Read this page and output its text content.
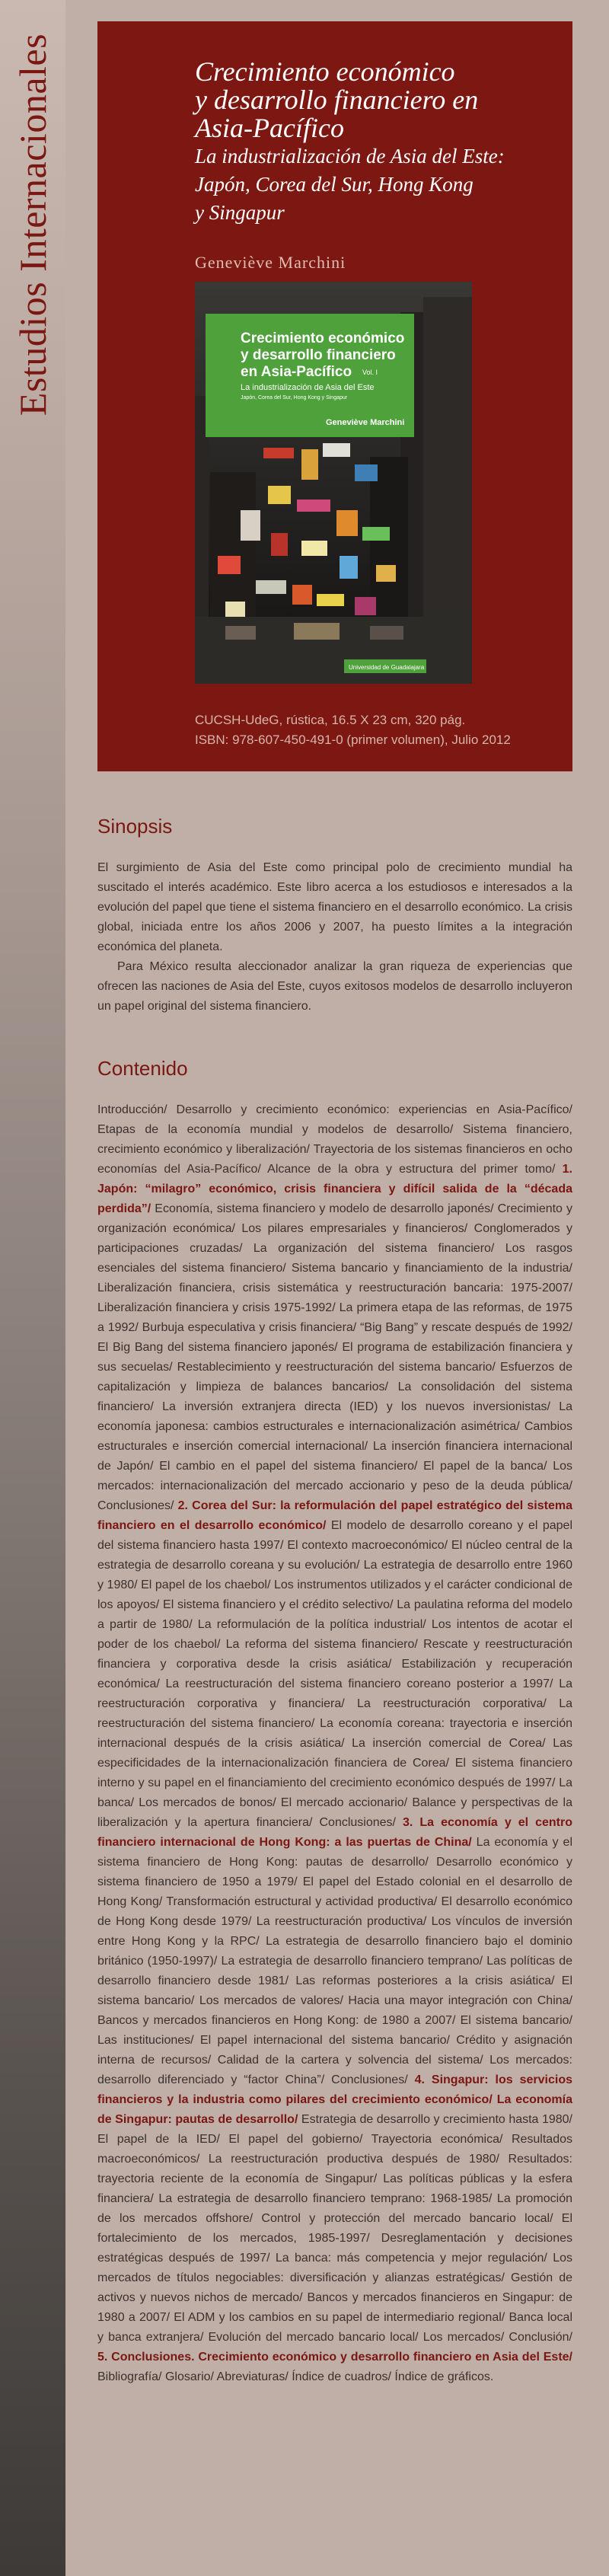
Estudios Internacionales	Crecimiento económico

y desarrollo financiero en

Asia-Pacífico

La industrialización de Asia del Este:

Japón, Corea del Sur, Hong Kong

y Singapur

Geneviève Marchini

Crecimiento económico
y desarrollo financiero
en Asia-Pacífico Vol. I
La industrialización de Asia del Este
Japón, Corea del Sur, Hong Kong y Singapur
Geneviève Marchini
Universidad de Guadalajara

CUCSH-UdeG, rústica, 16.5 X 23 cm, 320 pág.

ISBN: 978-607-450-491-0 (primer volumen), Julio 2012

Sinopsis

El surgimiento de Asia del Este como principal polo de crecimiento mundial ha suscitado el interés académico. Este libro acerca a los estudiosos e interesados a la evolución del papel que tiene el sistema financiero en el desarrollo económico. La crisis global, iniciada entre los años 2006 y 2007, ha puesto límites a la integración económica del planeta.

Para México resulta aleccionador analizar la gran riqueza de experiencias que ofrecen las naciones de Asia del Este, cuyos exitosos modelos de desarrollo incluyeron un papel original del sistema financiero.

Contenido

Introducción/ Desarrollo y crecimiento económico: experiencias en Asia-Pacífico/ Etapas de la economía mundial y modelos de desarrollo/ Sistema financiero, crecimiento económico y liberalización/ Trayectoria de los sistemas financieros en ocho economías del Asia-Pacífico/ Alcance de la obra y estructura del primer tomo/ 1. Japón: “milagro” económico, crisis financiera y difícil salida de la “década perdida”/ Economía, sistema financiero y modelo de desarrollo japonés/ Crecimiento y organización económica/ Los pilares empresariales y financieros/ Conglomerados y participaciones cruzadas/ La organización del sistema financiero/ Los rasgos esenciales del sistema financiero/ Sistema bancario y financiamiento de la industria/ Liberalización financiera, crisis sistemática y reestructuración bancaria: 1975-2007/ Liberalización financiera y crisis 1975-1992/ La primera etapa de las reformas, de 1975 a 1992/ Burbuja especulativa y crisis financiera/ “Big Bang” y rescate después de 1992/ El Big Bang del sistema financiero japonés/ El programa de estabilización financiera y sus secuelas/ Restablecimiento y reestructuración del sistema bancario/ Esfuerzos de capitalización y limpieza de balances bancarios/ La consolidación del sistema financiero/ La inversión extranjera directa (IED) y los nuevos inversionistas/ La economía japonesa: cambios estructurales e internacionalización asimétrica/ Cambios estructurales e inserción comercial internacional/ La inserción financiera internacional de Japón/ El cambio en el papel del sistema financiero/ El papel de la banca/ Los mercados: internacionalización del mercado accionario y peso de la deuda pública/ Conclusiones/ 2. Corea del Sur: la reformulación del papel estratégico del sistema financiero en el desarrollo económico/ El modelo de desarrollo coreano y el papel del sistema financiero hasta 1997/ El contexto macroeconómico/ El núcleo central de la estrategia de desarrollo coreana y su evolución/ La estrategia de desarrollo entre 1960 y 1980/ El papel de los chaebol/ Los instrumentos utilizados y el carácter condicional de los apoyos/ El sistema financiero y el crédito selectivo/ La paulatina reforma del modelo a partir de 1980/ La reformulación de la política industrial/ Los intentos de acotar el poder de los chaebol/ La reforma del sistema financiero/ Rescate y reestructuración financiera y corporativa desde la crisis asiática/ Estabilización y recuperación económica/ La reestructuración del sistema financiero coreano posterior a 1997/ La reestructuración corporativa y financiera/ La reestructuración corporativa/ La reestructuración del sistema financiero/ La economía coreana: trayectoria e inserción internacional después de la crisis asiática/ La inserción comercial de Corea/ Las especificidades de la internacionalización financiera de Corea/ El sistema financiero interno y su papel en el financiamiento del crecimiento económico después de 1997/ La banca/ Los mercados de bonos/ El mercado accionario/ Balance y perspectivas de la liberalización y la apertura financiera/ Conclusiones/ 3. La economía y el centro financiero internacional de Hong Kong: a las puertas de China/ La economía y el sistema financiero de Hong Kong: pautas de desarrollo/ Desarrollo económico y sistema financiero de 1950 a 1979/ El papel del Estado colonial en el desarrollo de Hong Kong/ Transformación estructural y actividad productiva/ El desarrollo económico de Hong Kong desde 1979/ La reestructuración productiva/ Los vínculos de inversión entre Hong Kong y la RPC/ La estrategia de desarrollo financiero bajo el dominio británico (1950-1997)/ La estrategia de desarrollo financiero temprano/ Las políticas de desarrollo financiero desde 1981/ Las reformas posteriores a la crisis asiática/ El sistema bancario/ Los mercados de valores/ Hacia una mayor integración con China/ Bancos y mercados financieros en Hong Kong: de 1980 a 2007/ El sistema bancario/ Las instituciones/ El papel internacional del sistema bancario/ Crédito y asignación interna de recursos/ Calidad de la cartera y solvencia del sistema/ Los mercados: desarrollo diferenciado y “factor China”/ Conclusiones/ 4. Singapur: los servicios financieros y la industria como pilares del crecimiento económico/ La economía de Singapur: pautas de desarrollo/ Estrategia de desarrollo y crecimiento hasta 1980/ El papel de la IED/ El papel del gobierno/ Trayectoria económica/ Resultados macroeconómicos/ La reestructuración productiva después de 1980/ Resultados: trayectoria reciente de la economía de Singapur/ Las políticas públicas y la esfera financiera/ La estrategia de desarrollo financiero temprano: 1968-1985/ La promoción de los mercados offshore/ Control y protección del mercado bancario local/ El fortalecimiento de los mercados, 1985-1997/ Desreglamentación y decisiones estratégicas después de 1997/ La banca: más competencia y mejor regulación/ Los mercados de títulos negociables: diversificación y alianzas estratégicas/ Gestión de activos y nuevos nichos de mercado/ Bancos y mercados financieros en Singapur: de 1980 a 2007/ El ADM y los cambios en su papel de intermediario regional/ Banca local y banca extranjera/ Evolución del mercado bancario local/ Los mercados/ Conclusión/ 5. Conclusiones. Crecimiento económico y desarrollo financiero en Asia del Este/ Bibliografía/ Glosario/ Abreviaturas/ Índice de cuadros/ Índice de gráficos.
